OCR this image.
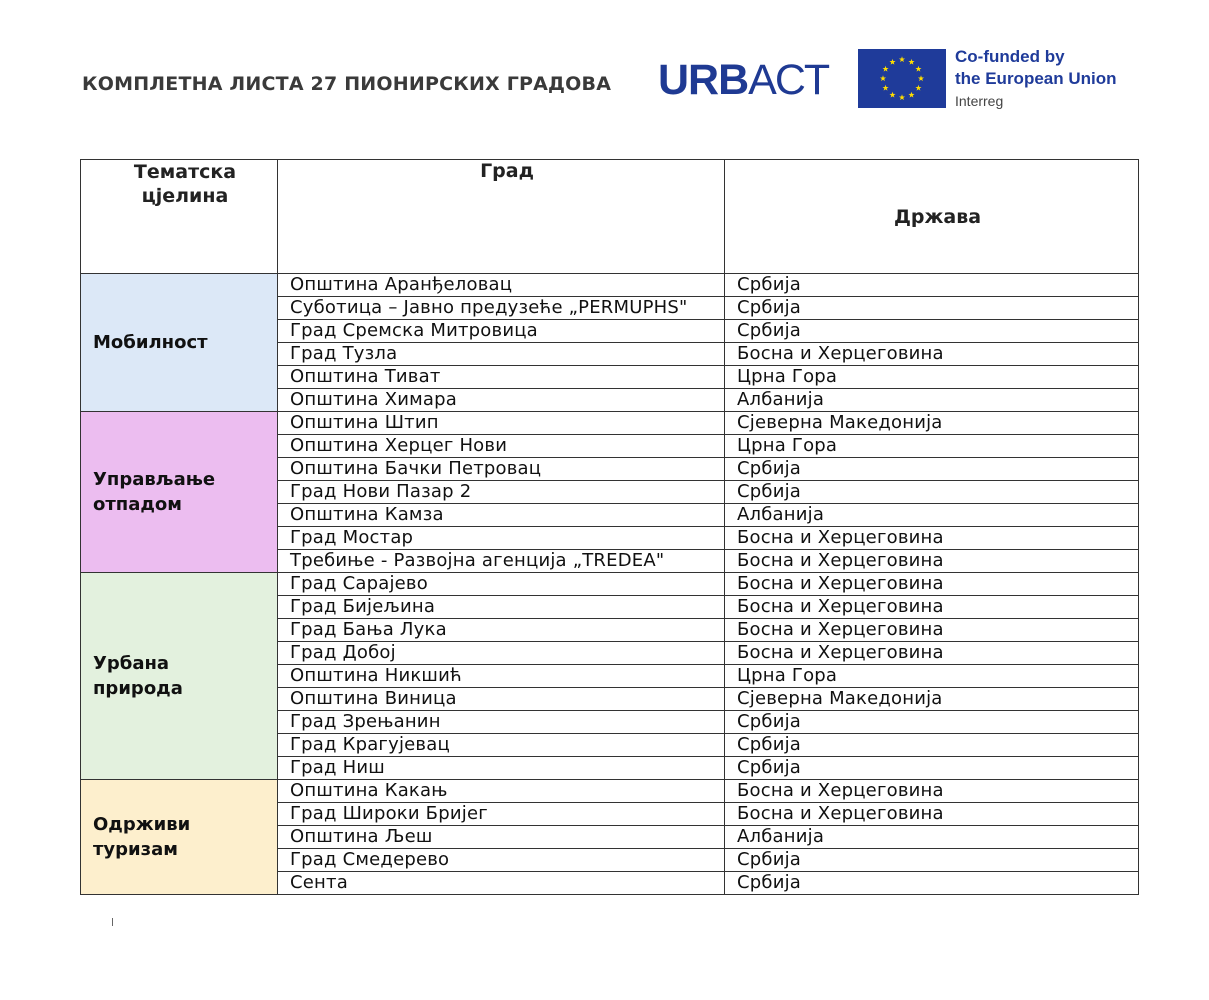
КОМПЛЕТНА ЛИСТА 27 ПИОНИРСКИХ ГРАДОВА URBACT	Co-funded by
the European Union
Interreg
Тематска цјелина	Град	Држава
Мобилност	Општина Аранђеловац	Србија
	Суботица – Јавно предузеће „PERMUPHS"	Србија
	Град Сремска Митровица	Србија
	Град Тузла	Босна и Херцеговина
	Општина Тиват	Црна Гора
	Општина Химара	Албанија
Управљање отпадом	Општина Штип	Сјеверна Македонија
	Општина Херцег Нови	Црна Гора
	Општина Бачки Петровац	Србија
	Град Нови Пазар 2	Србија
	Општина Камза	Албанија
	Град Мостар	Босна и Херцеговина
	Требиње - Развојна агенција „TREDEA"	Босна и Херцеговина
Урбана природа	Град Сарајево	Босна и Херцеговина
	Град Бијељина	Босна и Херцеговина
	Град Бања Лука	Босна и Херцеговина
	Град Добој	Босна и Херцеговина
	Општина Никшић	Црна Гора
	Општина Виница	Сјеверна Македонија
	Град Зрењанин	Србија
	Град Крагујевац	Србија
	Град Ниш	Србија
Одрживи туризам	Општина Какањ	Босна и Херцеговина
	Град Широки Бријег	Босна и Херцеговина
	Општина Љеш	Албанија
	Град Смедерево	Србија
	Сента	Србија
